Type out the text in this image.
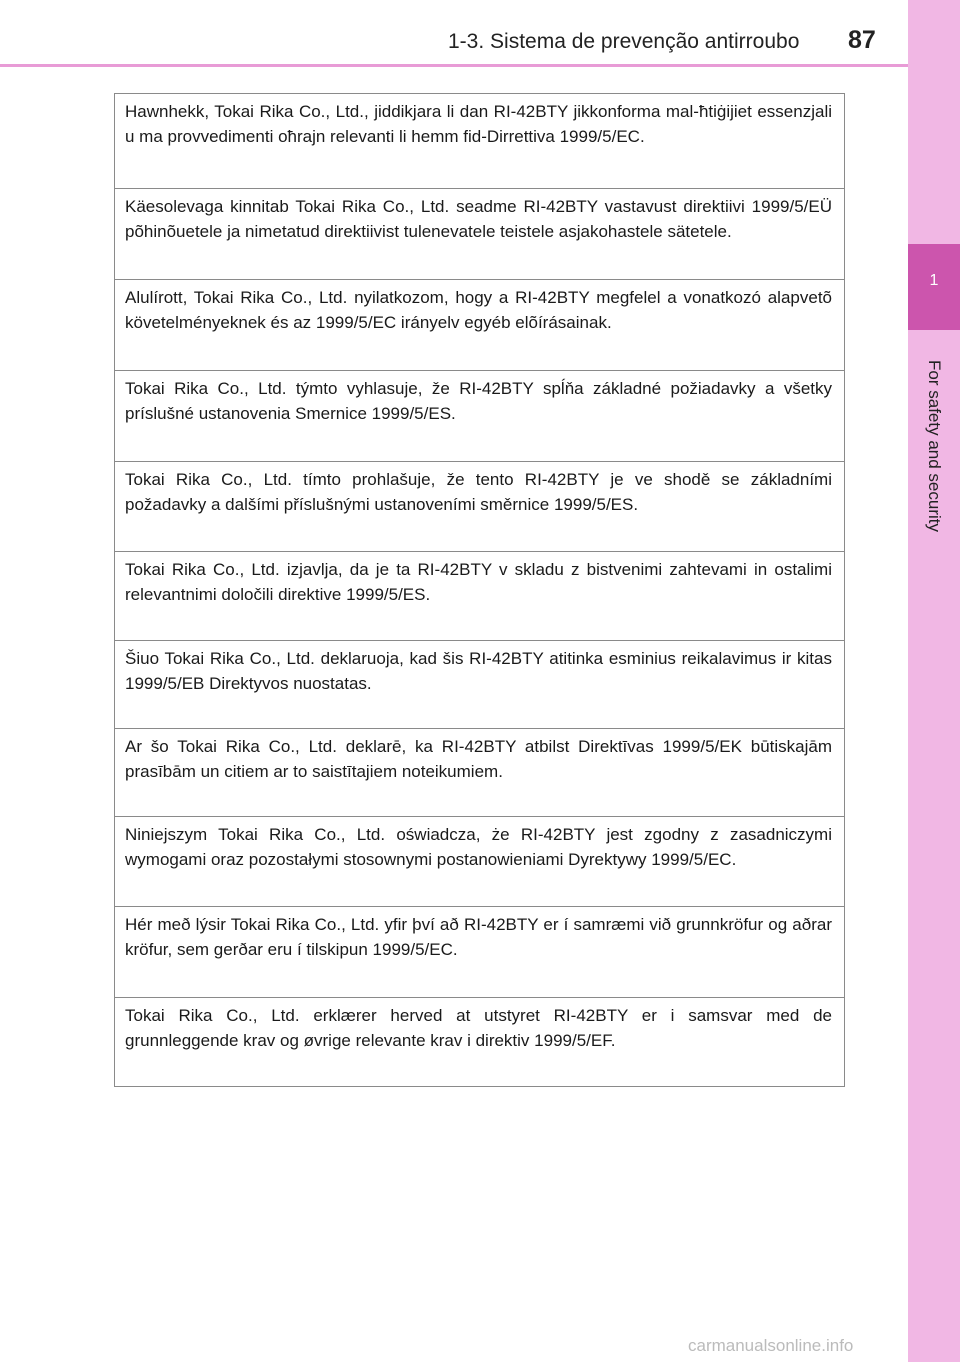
1-3. Sistema de prevenção antirroubo 87
1
For safety and security
Hawnhekk, Tokai Rika Co., Ltd., jiddikjara li dan RI-42BTY jikkonforma mal-ħtiġijiet essenzjali u ma provvedimenti oħrajn relevanti li hemm fid-Dirrettiva 1999/5/EC.
Käesolevaga kinnitab Tokai Rika Co., Ltd. seadme RI-42BTY vastavust direktiivi 1999/5/EÜ põhinõuetele ja nimetatud direktiivist tulenevatele teistele asjakohastele sätetele.
Alulírott, Tokai Rika Co., Ltd. nyilatkozom, hogy a RI-42BTY megfelel a vonatkozó alapvetõ követelményeknek és az 1999/5/EC irányelv egyéb elõírásainak.
Tokai Rika Co., Ltd. týmto vyhlasuje, že RI-42BTY spĺňa základné požiadavky a všetky príslušné ustanovenia Smernice 1999/5/ES.
Tokai Rika Co., Ltd. tímto prohlašuje, že tento RI-42BTY je ve shodě se základními požadavky a dalšími příslušnými ustanoveními směrnice 1999/5/ES.
Tokai Rika Co., Ltd. izjavlja, da je ta RI-42BTY v skladu z bistvenimi zahtevami in ostalimi relevantnimi določili direktive 1999/5/ES.
Šiuo Tokai Rika Co., Ltd. deklaruoja, kad šis RI-42BTY atitinka esminius reikalavimus ir kitas 1999/5/EB Direktyvos nuostatas.
Ar šo Tokai Rika Co., Ltd. deklarē, ka RI-42BTY atbilst Direktīvas 1999/5/EK būtiskajām prasībām un citiem ar to saistītajiem noteikumiem.
Niniejszym Tokai Rika Co., Ltd. oświadcza, że RI-42BTY jest zgodny z zasadniczymi wymogami oraz pozostałymi stosownymi postanowieniami Dyrektywy 1999/5/EC.
Hér með lýsir Tokai Rika Co., Ltd. yfir því að RI-42BTY er í samræmi við grunnkröfur og aðrar kröfur, sem gerðar eru í tilskipun 1999/5/EC.
Tokai Rika Co., Ltd. erklærer herved at utstyret RI-42BTY er i samsvar med de grunnleggende krav og øvrige relevante krav i direktiv 1999/5/EF.
carmanualsonline.info
